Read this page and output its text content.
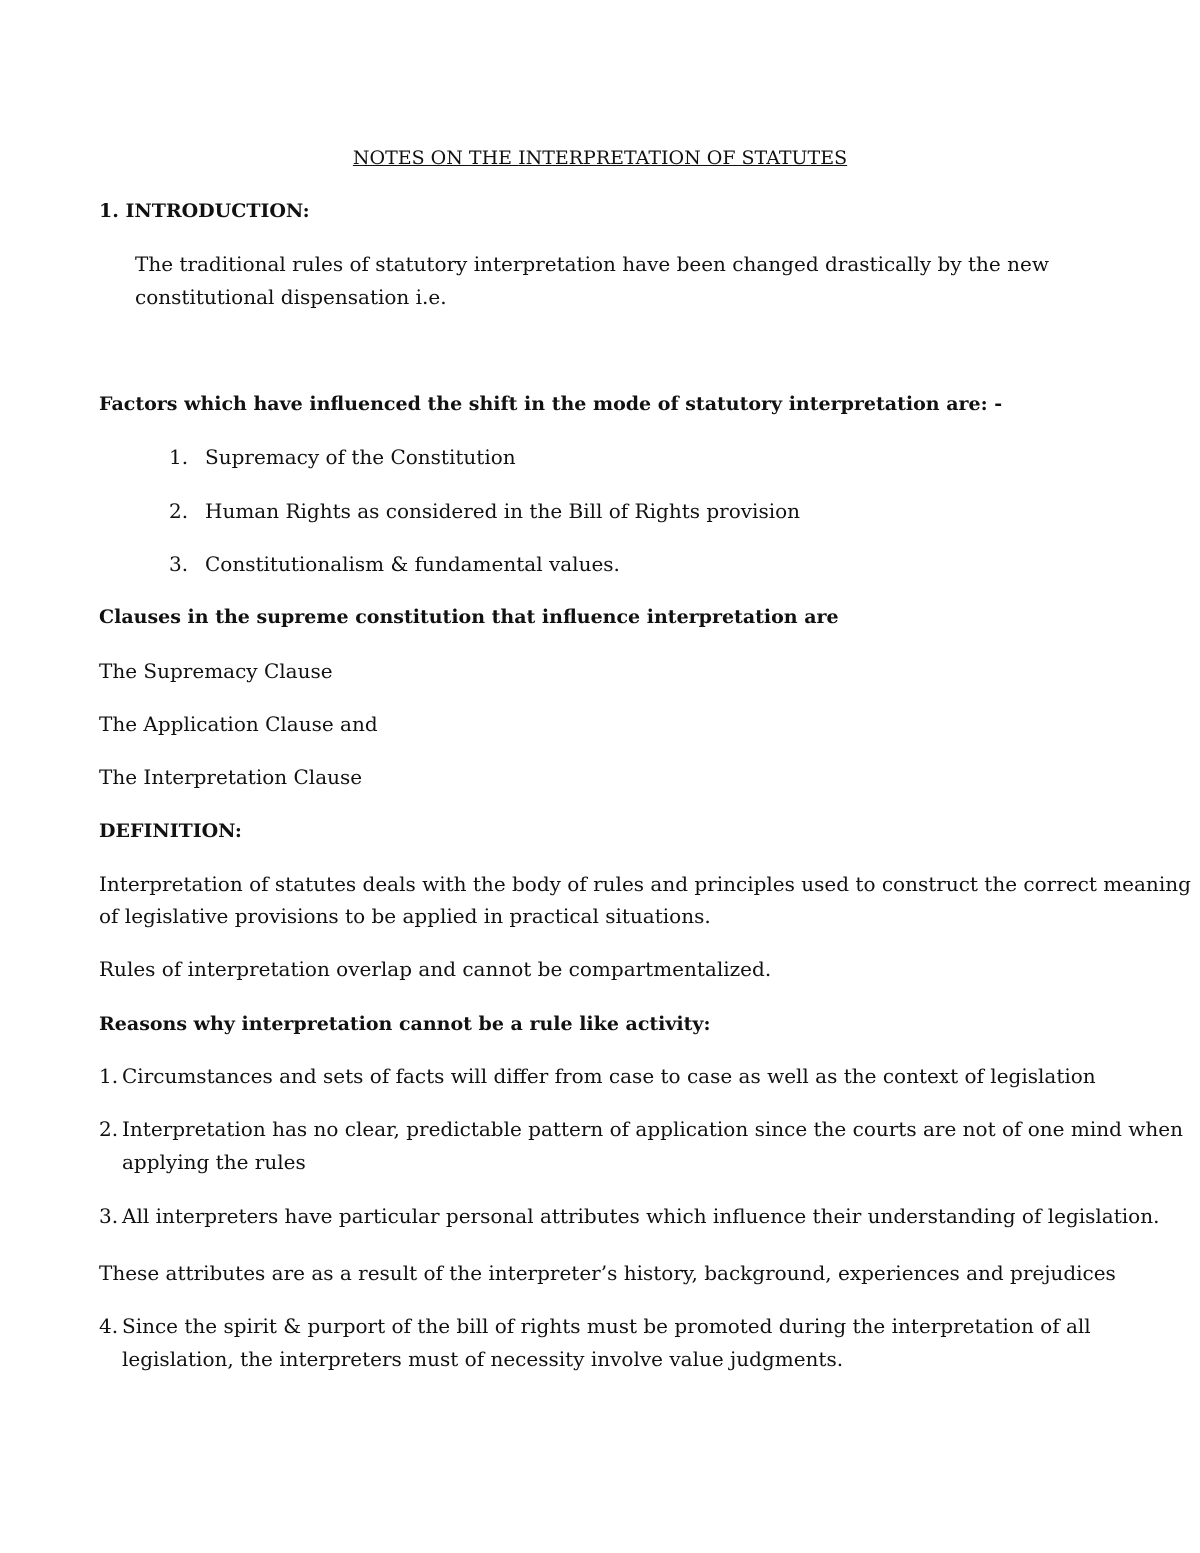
NOTES ON THE INTERPRETATION OF STATUTES
1. INTRODUCTION:
The traditional rules of statutory interpretation have been changed drastically by the new
constitutional dispensation i.e.
Factors which have influenced the shift in the mode of statutory interpretation are: -
1. Supremacy of the Constitution
2. Human Rights as considered in the Bill of Rights provision
3. Constitutionalism & fundamental values.
Clauses in the supreme constitution that influence interpretation are
The Supremacy Clause
The Application Clause and
The Interpretation Clause
DEFINITION:
Interpretation of statutes deals with the body of rules and principles used to construct the correct meaning
of legislative provisions to be applied in practical situations.
Rules of interpretation overlap and cannot be compartmentalized.
Reasons why interpretation cannot be a rule like activity:
1. Circumstances and sets of facts will differ from case to case as well as the context of legislation
2. Interpretation has no clear, predictable pattern of application since the courts are not of one mind when
applying the rules
3. All interpreters have particular personal attributes which influence their understanding of legislation.
These attributes are as a result of the interpreter’s history, background, experiences and prejudices
4. Since the spirit & purport of the bill of rights must be promoted during the interpretation of all
legislation, the interpreters must of necessity involve value judgments.
